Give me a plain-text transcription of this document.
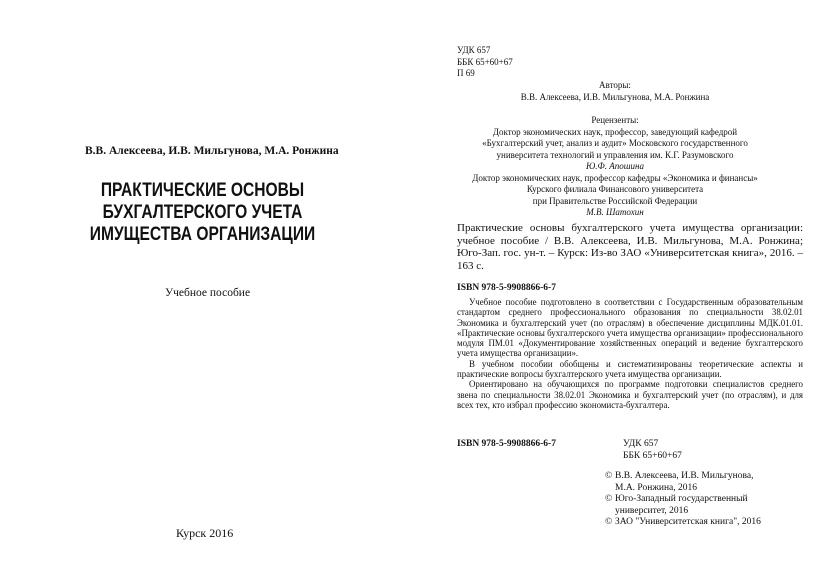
В.В. Алексеева, И.В. Мильгунова, М.А. Ронжина

ПРАКТИЧЕСКИЕ ОСНОВЫ
БУХГАЛТЕРСКОГО УЧЕТА
ИМУЩЕСТВА ОРГАНИЗАЦИИ

Учебное пособие

Курск 2016

УДК 657
ББК 65+60+67
П 69
Авторы:
В.В. Алексеева, И.В. Мильгунова, М.А. Ронжина
Рецензенты:
Доктор экономических наук, профессор, заведующий кафедрой
«Бухгалтерский учет, анализ и аудит» Московского государственного
университета технологий и управления им. К.Г. Разумовского
Ю.Ф. Апошина
Доктор экономических наук, профессор кафедры «Экономика и финансы»
Курского филиала Финансового университета
при Правительстве Российской Федерации
М.В. Шатохин

Практические основы бухгалтерского учета имущества организации: учебное пособие / В.В. Алексеева, И.В. Мильгунова, М.А. Ронжина; Юго-Зап. гос. ун-т. – Курск: Из-во ЗАО «Университетская книга», 2016. – 163 с.

ISBN 978-5-9908866-6-7

Учебное пособие подготовлено в соответствии с Государственным образовательным стандартом среднего профессионального образования по специальности 38.02.01 Экономика и бухгалтерский учет (по отраслям) в обеспечение дисциплины МДК.01.01. «Практические основы бухгалтерского учета имущества организации» профессионального модуля ПМ.01 «Документирование хозяйственных операций и ведение бухгалтерского учета имущества организации».

В учебном пособии обобщены и систематизированы теоретические аспекты и практические вопросы бухгалтерского учета имущества организации.

Ориентировано на обучающихся по программе подготовки специалистов среднего звена по специальности 38.02.01 Экономика и бухгалтерский учет (по отраслям), и для всех тех, кто избрал профессию экономиста-бухгалтера.

ISBN 978-5-9908866-6-7	УДК 657
ББК 65+60+67
© В.В. Алексеева, И.В. Мильгунова,
М.А. Ронжина, 2016
© Юго-Западный государственный
университет, 2016
© ЗАО "Университетская книга", 2016
